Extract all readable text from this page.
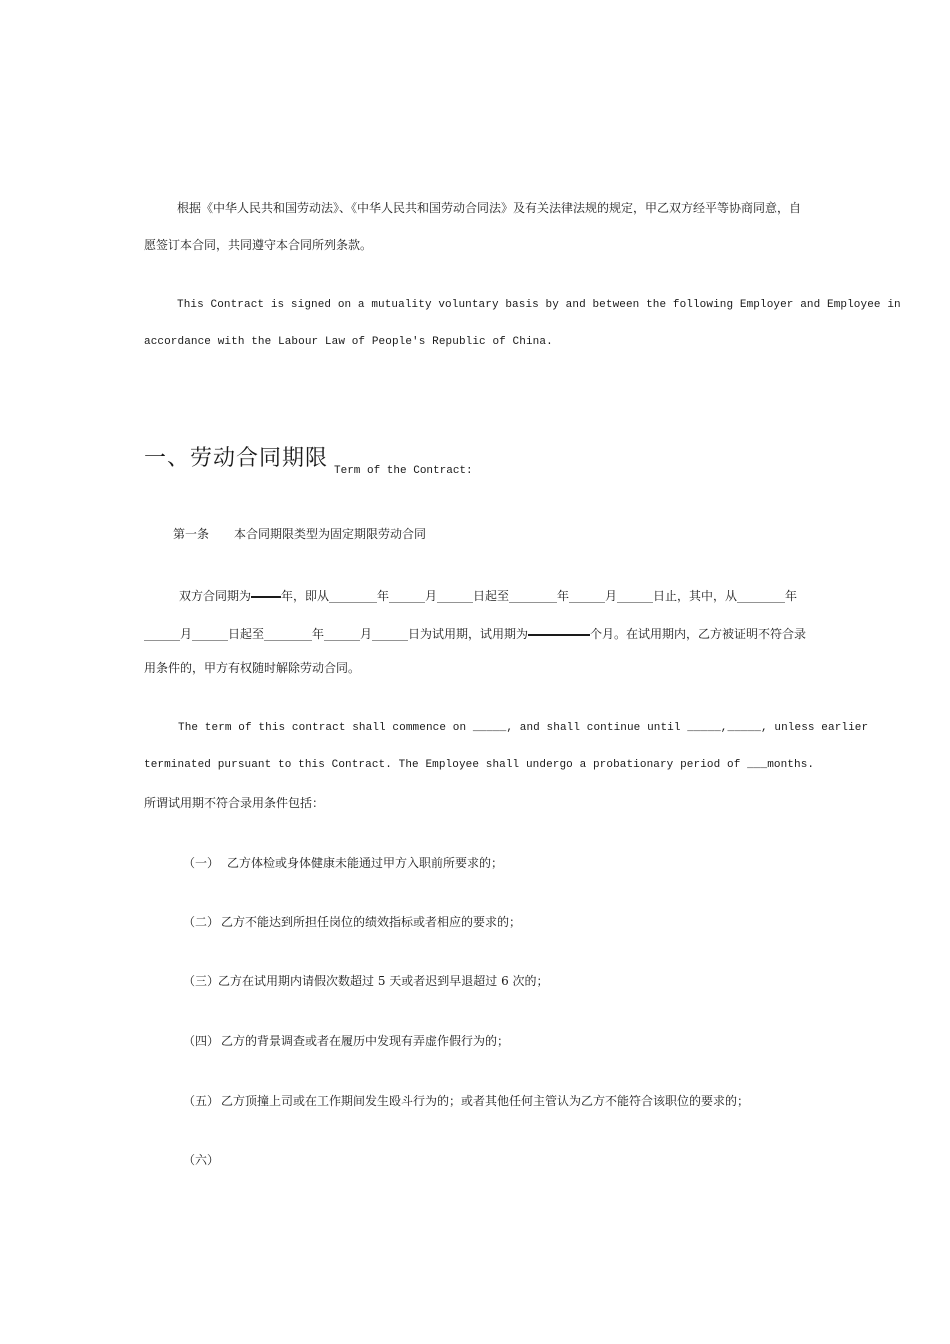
根据《中华人民共和国劳动法》、《中华人民共和国劳动合同法》及有关法律法规的规定，甲乙双方经平等协商同意，自
愿签订本合同，共同遵守本合同所列条款。
This Contract is signed on a mutuality voluntary basis by and between the following Employer and Employee in
accordance with the Labour Law of People's Republic of China.
一、劳动合同期限 Term of the Contract:
第一条 本合同期限类型为固定期限劳动合同
双方合同期为	年，即从________年______月______日起至________年______月______日止，其中，从________年
______月______日起至________年______月______日为试用期，试用期为	个月。在试用期内，乙方被证明不符合录
用条件的，甲方有权随时解除劳动合同。
The term of this contract shall commence on _____, and shall continue until _____,_____, unless earlier
terminated pursuant to this Contract. The Employee shall undergo a probationary period of ___months.
所谓试用期不符合录用条件包括：
（一） 乙方体检或身体健康未能通过甲方入职前所要求的；
（二） 乙方不能达到所担任岗位的绩效指标或者相应的要求的；
（三）乙方在试用期内请假次数超过 5 天或者迟到早退超过 6 次的；
（四） 乙方的背景调查或者在履历中发现有弄虚作假行为的；
（五） 乙方顶撞上司或在工作期间发生殴斗行为的；或者其他任何主管认为乙方不能符合该职位的要求的；
（六）
